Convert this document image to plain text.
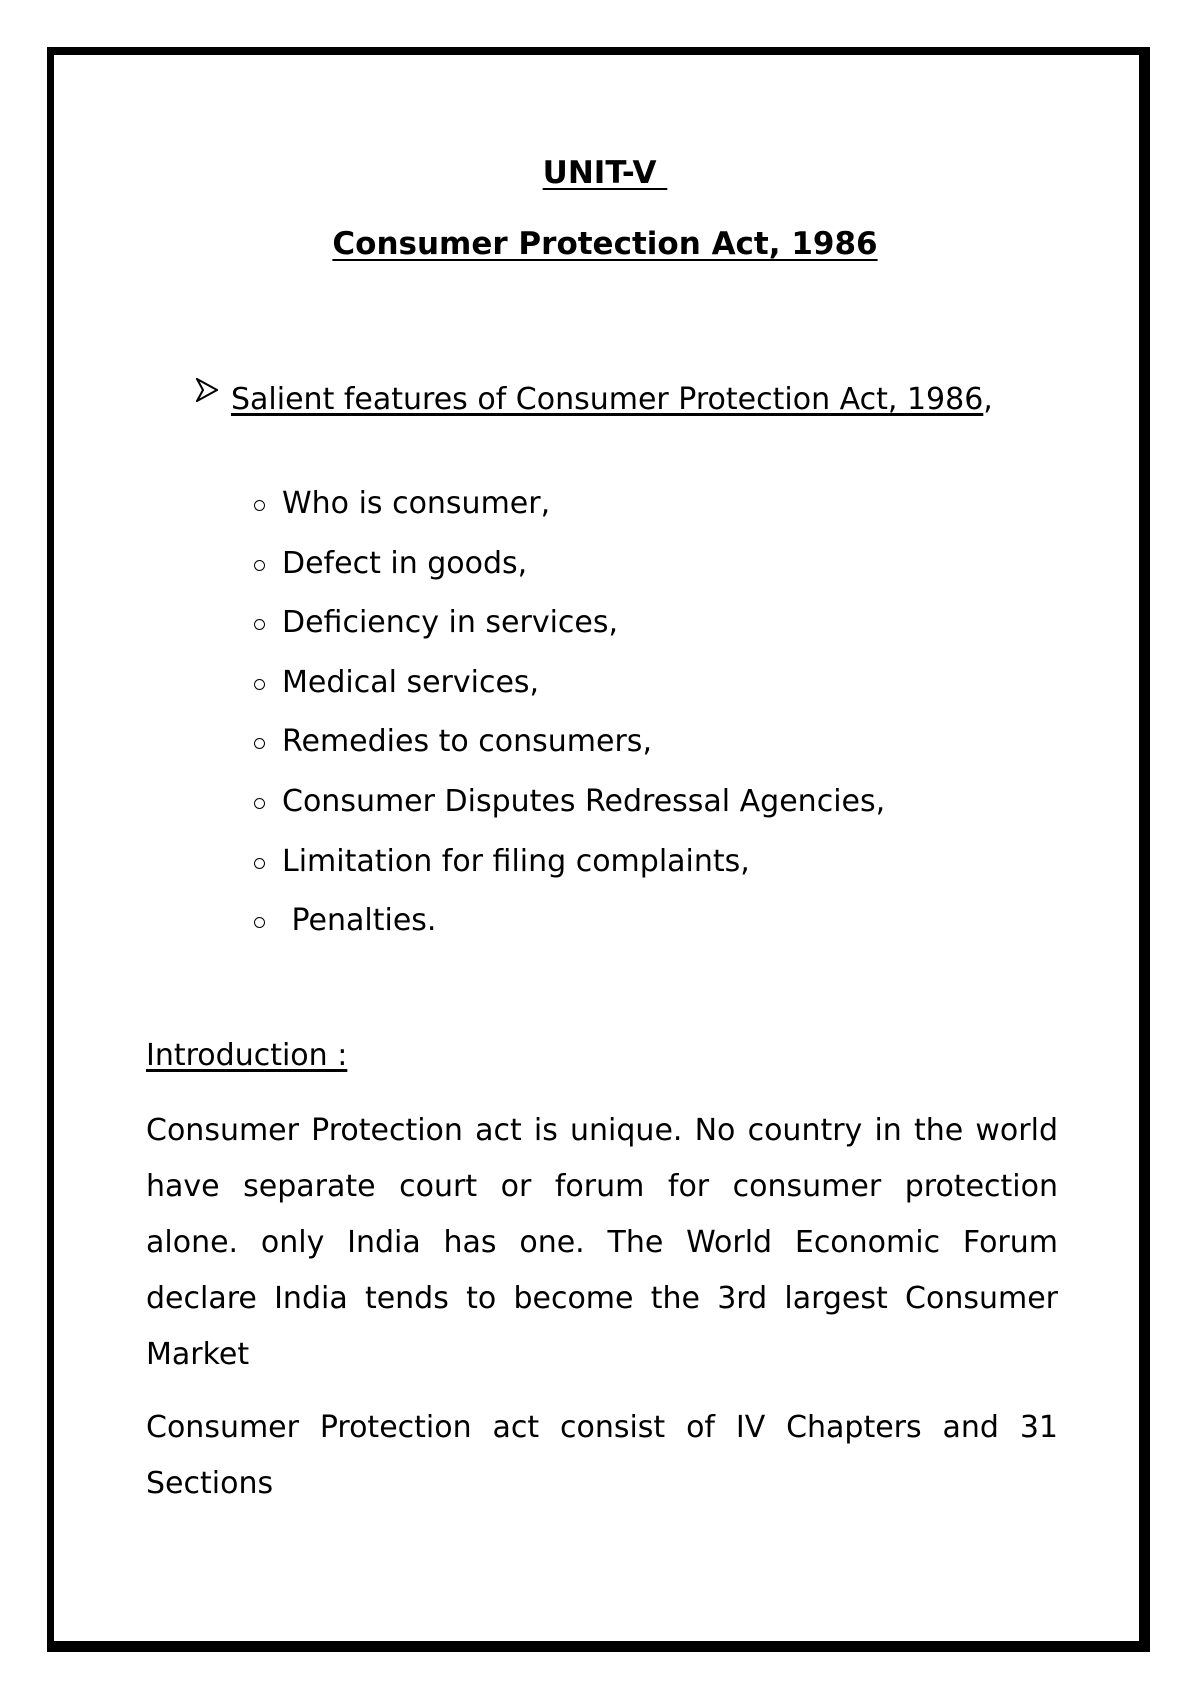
UNIT-V
Consumer Protection Act, 1986

Salient features of Consumer Protection Act, 1986,

Who is consumer,
Defect in goods,
Deficiency in services,
Medical services,
Remedies to consumers,
Consumer Disputes Redressal Agencies,
Limitation for filing complaints,
Penalties.
Introduction :

Consumer Protection act is unique. No country in the world have separate court or forum for consumer protection alone. only India has one. The World Economic Forum declare India tends to become the 3rd largest Consumer Market

Consumer Protection act consist of IV Chapters and 31 Sections
